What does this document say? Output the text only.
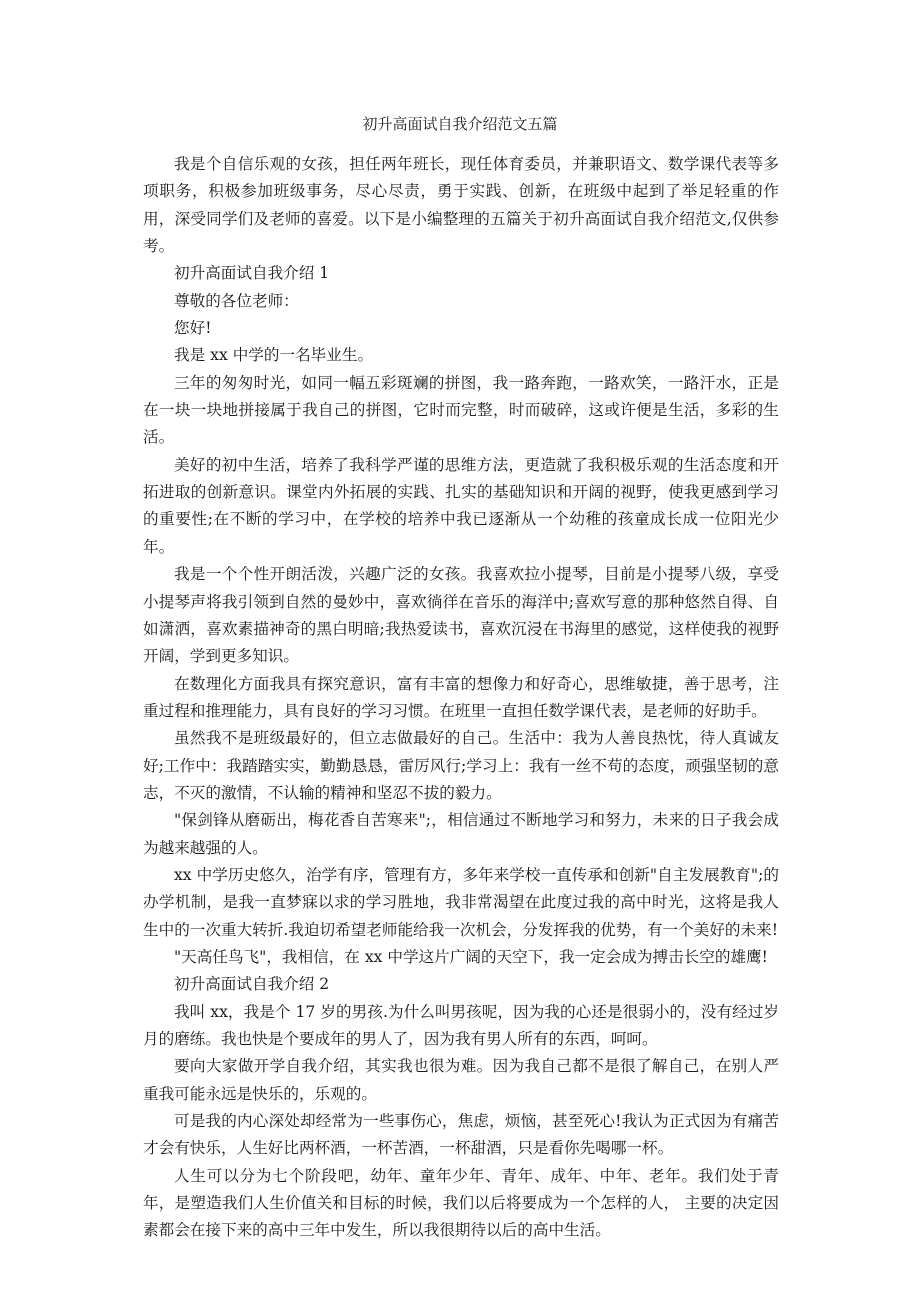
初升高面试自我介绍范文五篇

我是个自信乐观的女孩，担任两年班长，现任体育委员，并兼职语文、数学课代表等多项职务，积极参加班级事务，尽心尽责，勇于实践、创新，在班级中起到了举足轻重的作用，深受同学们及老师的喜爱。以下是小编整理的五篇关于初升高面试自我介绍范文,仅供参考。

初升高面试自我介绍 1

尊敬的各位老师：

您好!

我是 xx 中学的一名毕业生。

三年的匆匆时光，如同一幅五彩斑斓的拼图，我一路奔跑，一路欢笑，一路汗水，正是在一块一块地拼接属于我自己的拼图，它时而完整，时而破碎，这或许便是生活，多彩的生活。

美好的初中生活，培养了我科学严谨的思维方法，更造就了我积极乐观的生活态度和开拓进取的创新意识。课堂内外拓展的实践、扎实的基础知识和开阔的视野，使我更感到学习的重要性;在不断的学习中，在学校的培养中我已逐渐从一个幼稚的孩童成长成一位阳光少年。

我是一个个性开朗活泼，兴趣广泛的女孩。我喜欢拉小提琴，目前是小提琴八级，享受小提琴声将我引领到自然的曼妙中，喜欢徜徉在音乐的海洋中;喜欢写意的那种悠然自得、自如潇洒，喜欢素描神奇的黑白明暗;我热爱读书，喜欢沉浸在书海里的感觉，这样使我的视野开阔，学到更多知识。

在数理化方面我具有探究意识，富有丰富的想像力和好奇心，思维敏捷，善于思考，注重过程和推理能力，具有良好的学习习惯。在班里一直担任数学课代表，是老师的好助手。

虽然我不是班级最好的，但立志做最好的自己。生活中：我为人善良热忱，待人真诚友好;工作中：我踏踏实实，勤勤恳恳，雷厉风行;学习上：我有一丝不苟的态度，顽强坚韧的意志，不灭的激情，不认输的精神和坚忍不拔的毅力。

"保剑锋从磨砺出，梅花香自苦寒来";，相信通过不断地学习和努力，未来的日子我会成为越来越强的人。

xx 中学历史悠久，治学有序，管理有方，多年来学校一直传承和创新"自主发展教育";的办学机制，是我一直梦寐以求的学习胜地，我非常渴望在此度过我的高中时光，这将是我人生中的一次重大转折.我迫切希望老师能给我一次机会，分发挥我的优势，有一个美好的未来!

"天高任鸟飞"，我相信，在 xx 中学这片广阔的天空下，我一定会成为搏击长空的雄鹰!

初升高面试自我介绍 2

我叫 xx，我是个 17 岁的男孩.为什么叫男孩呢，因为我的心还是很弱小的，没有经过岁月的磨练。我也快是个要成年的男人了，因为我有男人所有的东西，呵呵。

要向大家做开学自我介绍，其实我也很为难。因为我自己都不是很了解自己，在别人严重我可能永远是快乐的，乐观的。

可是我的内心深处却经常为一些事伤心，焦虑，烦恼，甚至死心!我认为正式因为有痛苦才会有快乐，人生好比两杯酒，一杯苦酒，一杯甜酒，只是看你先喝哪一杯。

人生可以分为七个阶段吧，幼年、童年少年、青年、成年、中年、老年。我们处于青年，是塑造我们人生价值关和目标的时候，我们以后将要成为一个怎样的人， 主要的决定因素都会在接下来的高中三年中发生，所以我很期待以后的高中生活。
